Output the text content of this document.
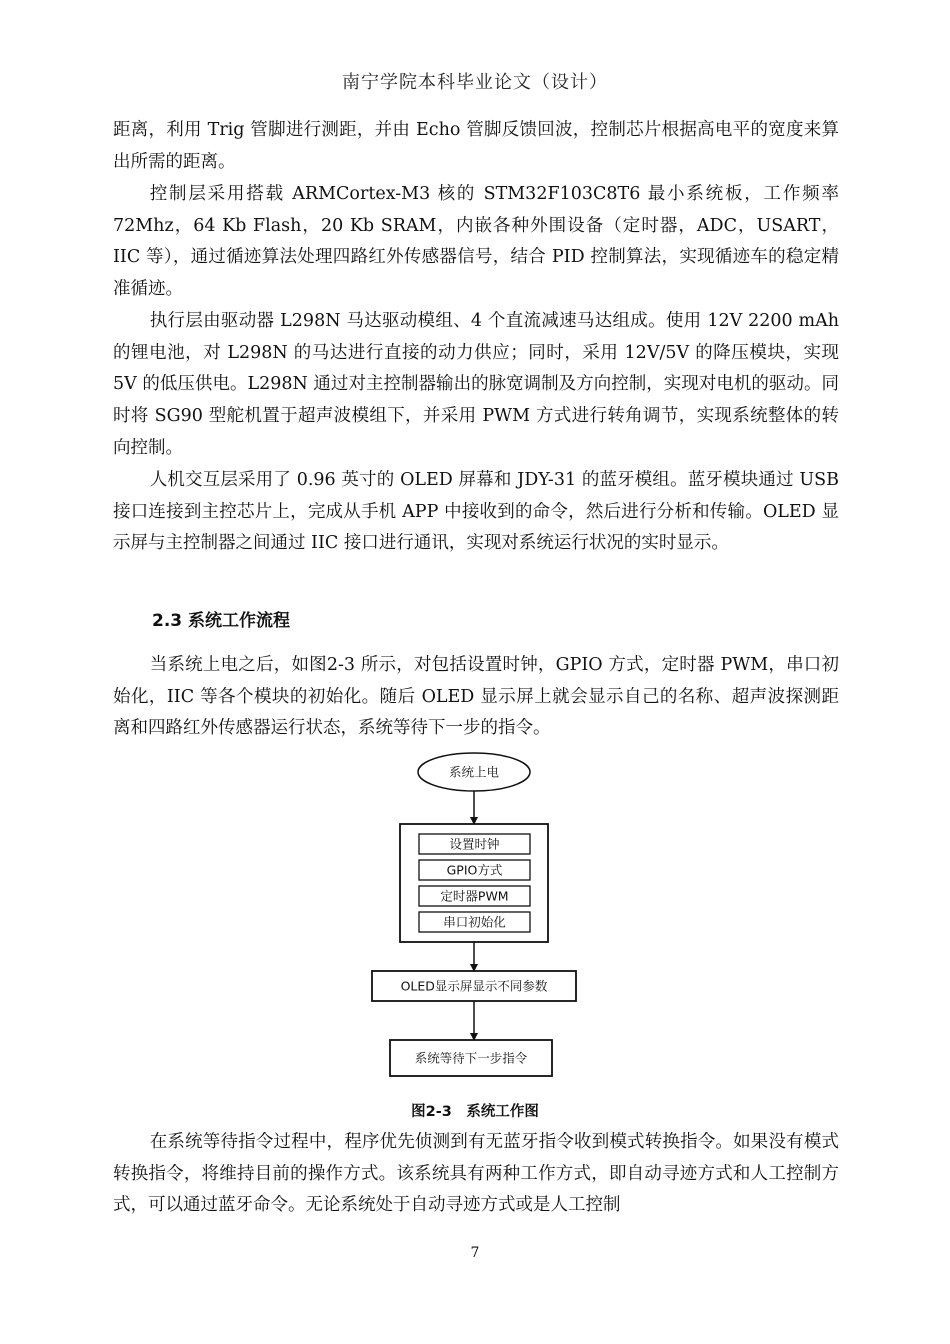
南宁学院本科毕业论文（设计）

距离，利用 Trig 管脚进行测距，并由 Echo 管脚反馈回波，控制芯片根据高电平的宽度来算出所需的距离。

控制层采用搭载 ARMCortex-M3 核的 STM32F103C8T6 最小系统板，工作频率 72Mhz，64 Kb Flash，20 Kb SRAM，内嵌各种外围设备（定时器，ADC，USART，IIC 等），通过循迹算法处理四路红外传感器信号，结合 PID 控制算法，实现循迹车的稳定精准循迹。

执行层由驱动器 L298N 马达驱动模组、4 个直流减速马达组成。使用 12V 2200 mAh 的锂电池，对 L298N 的马达进行直接的动力供应；同时，采用 12V/5V 的降压模块，实现 5V 的低压供电。L298N 通过对主控制器输出的脉宽调制及方向控制，实现对电机的驱动。同时将 SG90 型舵机置于超声波模组下，并采用 PWM 方式进行转角调节，实现系统整体的转向控制。

人机交互层采用了 0.96 英寸的 OLED 屏幕和 JDY-31 的蓝牙模组。蓝牙模块通过 USB 接口连接到主控芯片上，完成从手机 APP 中接收到的命令，然后进行分析和传输。OLED 显示屏与主控制器之间通过 IIC 接口进行通讯，实现对系统运行状况的实时显示。

2.3 系统工作流程

当系统上电之后，如图2-3 所示，对包括设置时钟，GPIO 方式，定时器 PWM，串口初始化，IIC 等各个模块的初始化。随后 OLED 显示屏上就会显示自己的名称、超声波探测距离和四路红外传感器运行状态，系统等待下一步的指令。

系统上电
设置时钟
GPIO方式
定时器PWM
串口初始化
OLED显示屏显示不同参数
系统等待下一步指令

图2-3　系统工作图

在系统等待指令过程中，程序优先侦测到有无蓝牙指令收到模式转换指令。如果没有模式转换指令，将维持目前的操作方式。该系统具有两种工作方式，即自动寻迹方式和人工控制方式，可以通过蓝牙命令。无论系统处于自动寻迹方式或是人工控制

7
